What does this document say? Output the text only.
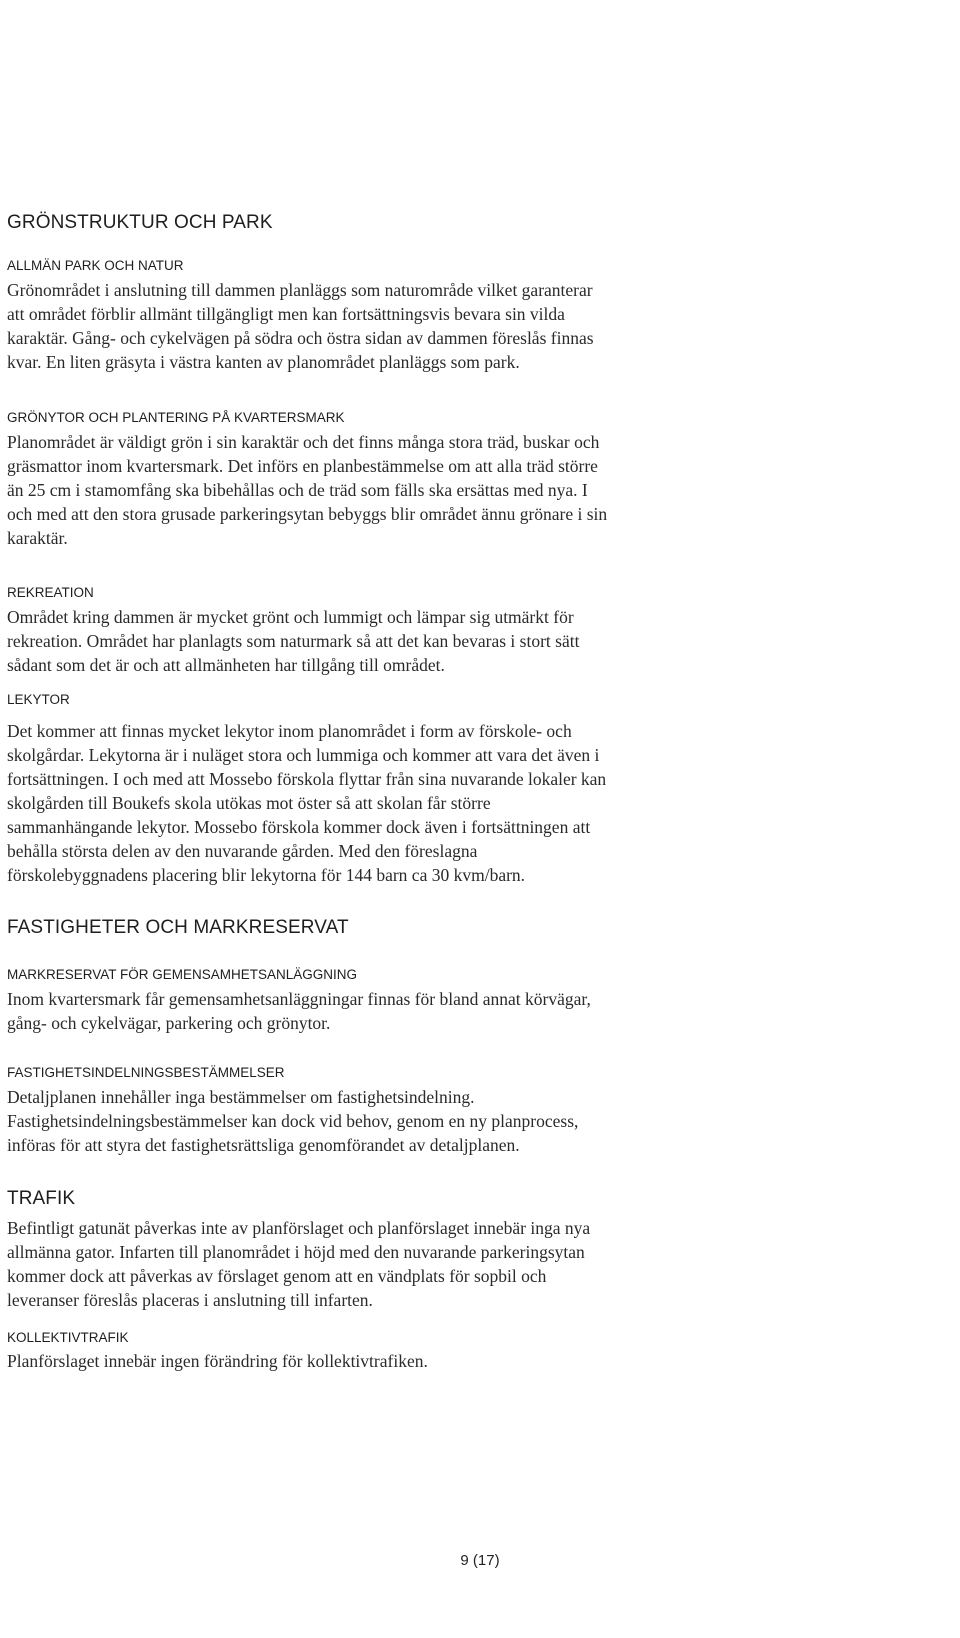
GRÖNSTRUKTUR OCH PARK
ALLMÄN PARK OCH NATUR
Grönområdet i anslutning till dammen planläggs som naturområde vilket garanterar
att området förblir allmänt tillgängligt men kan fortsättningsvis bevara sin vilda
karaktär. Gång- och cykelvägen på södra och östra sidan av dammen föreslås finnas
kvar. En liten gräsyta i västra kanten av planområdet planläggs som park.
GRÖNYTOR OCH PLANTERING PÅ KVARTERSMARK
Planområdet är väldigt grön i sin karaktär och det finns många stora träd, buskar och
gräsmattor inom kvartersmark. Det införs en planbestämmelse om att alla träd större
än 25 cm i stamomfång ska bibehållas och de träd som fälls ska ersättas med nya. I
och med att den stora grusade parkeringsytan bebyggs blir området ännu grönare i sin
karaktär.
REKREATION
Området kring dammen är mycket grönt och lummigt och lämpar sig utmärkt för
rekreation. Området har planlagts som naturmark så att det kan bevaras i stort sätt
sådant som det är och att allmänheten har tillgång till området.
LEKYTOR
Det kommer att finnas mycket lekytor inom planområdet i form av förskole- och
skolgårdar. Lekytorna är i nuläget stora och lummiga och kommer att vara det även i
fortsättningen. I och med att Mossebo förskola flyttar från sina nuvarande lokaler kan
skolgården till Boukefs skola utökas mot öster så att skolan får större
sammanhängande lekytor. Mossebo förskola kommer dock även i fortsättningen att
behålla största delen av den nuvarande gården. Med den föreslagna
förskolebyggnadens placering blir lekytorna för 144 barn ca 30 kvm/barn.
FASTIGHETER OCH MARKRESERVAT
MARKRESERVAT FÖR GEMENSAMHETSANLÄGGNING
Inom kvartersmark får gemensamhetsanläggningar finnas för bland annat körvägar,
gång- och cykelvägar, parkering och grönytor.
FASTIGHETSINDELNINGSBESTÄMMELSER
Detaljplanen innehåller inga bestämmelser om fastighetsindelning.
Fastighetsindelningsbestämmelser kan dock vid behov, genom en ny planprocess,
införas för att styra det fastighetsrättsliga genomförandet av detaljplanen.
TRAFIK
Befintligt gatunät påverkas inte av planförslaget och planförslaget innebär inga nya
allmänna gator. Infarten till planområdet i höjd med den nuvarande parkeringsytan
kommer dock att påverkas av förslaget genom att en vändplats för sopbil och
leveranser föreslås placeras i anslutning till infarten.
KOLLEKTIVTRAFIK
Planförslaget innebär ingen förändring för kollektivtrafiken.
9 (17)
